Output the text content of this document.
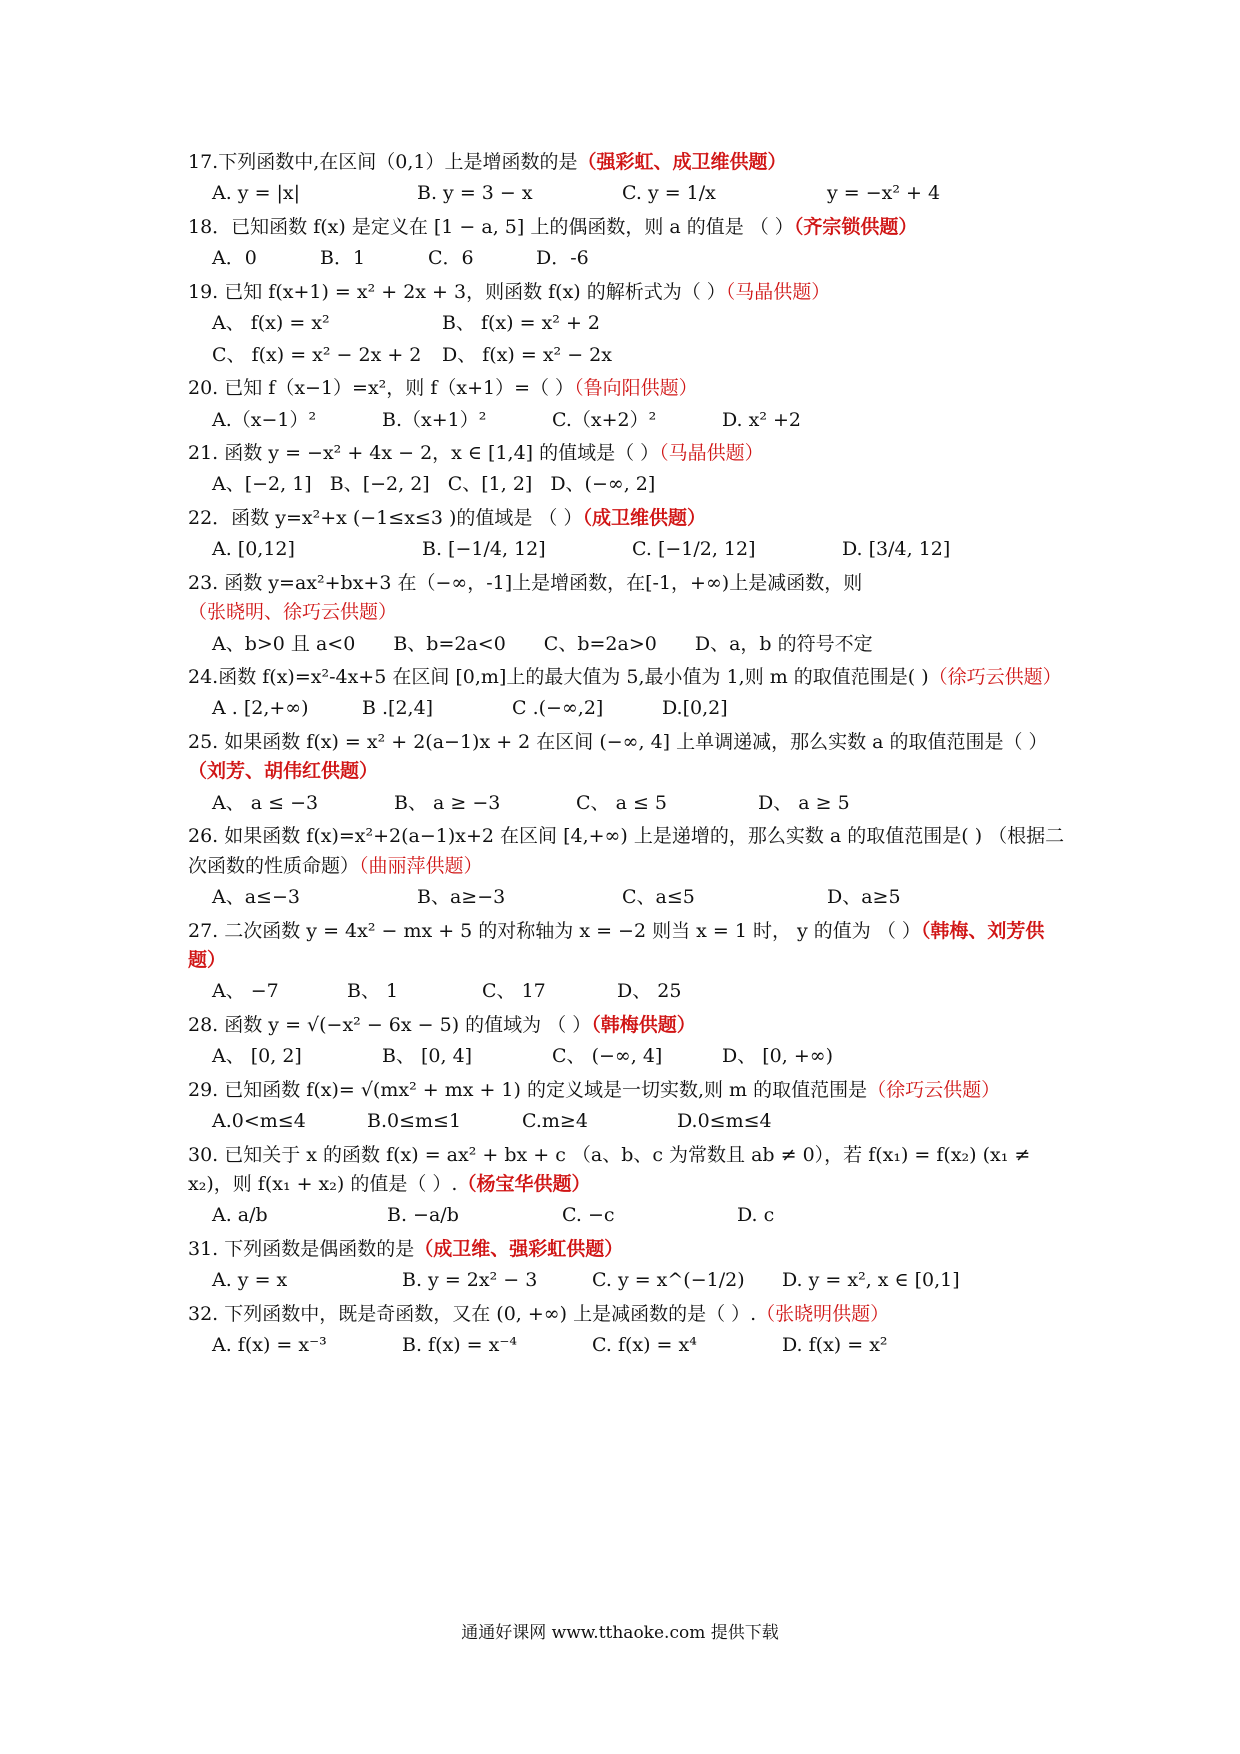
17.下列函数中,在区间（0,1）上是增函数的是（强彩虹、成卫维供题）
A. y = |x|	B. y = 3 − x	C. y = 1/x	y = −x² + 4
18．已知函数 f(x) 是定义在 [1 − a, 5] 上的偶函数，则 a 的值是 （ ）（齐宗锁供题）
A．0	B．1	C．6	D．-6
19. 已知 f(x+1) = x² + 2x + 3，则函数 f(x) 的解析式为（ ）（马晶供题）
A、 f(x) = x²	B、 f(x) = x² + 2
C、 f(x) = x² − 2x + 2	D、 f(x) = x² − 2x
20. 已知 f（x−1）=x²，则 f（x+1）=（ ）（鲁向阳供题）
A.（x−1）²	B.（x+1）²	C.（x+2）²	D. x² +2
21. 函数 y = −x² + 4x − 2，x ∈ [1,4] 的值域是（ ）（马晶供题）
A、[−2, 1] B、[−2, 2] C、[1, 2] D、(−∞, 2]
22．函数 y=x²+x (−1≤x≤3 )的值域是 （ ）（成卫维供题）
A. [0,12]	B. [−1/4, 12]	C. [−1/2, 12]	D. [3/4, 12]
23. 函数 y=ax²+bx+3 在（−∞，-1]上是增函数，在[-1，+∞)上是减函数，则（张晓明、徐巧云供题）
A、b>0 且 a<0 B、b=2a<0 C、b=2a>0 D、a，b 的符号不定
24.函数 f(x)=x²-4x+5 在区间 [0,m]上的最大值为 5,最小值为 1,则 m 的取值范围是( )（徐巧云供题）
A . [2,+∞)	B .[2,4]	C .(−∞,2]	D.[0,2]
25. 如果函数 f(x) = x² + 2(a−1)x + 2 在区间 (−∞, 4] 上单调递减，那么实数 a 的取值范围是（ ）（刘芳、胡伟红供题）
A、 a ≤ −3	B、 a ≥ −3	C、 a ≤ 5	D、 a ≥ 5
26. 如果函数 f(x)=x²+2(a−1)x+2 在区间 [4,+∞) 上是递增的，那么实数 a 的取值范围是( ) （根据二次函数的性质命题）（曲丽萍供题）
A、a≤−3	B、a≥−3	C、a≤5	D、a≥5
27. 二次函数 y = 4x² − mx + 5 的对称轴为 x = −2 则当 x = 1 时， y 的值为 （ ）（韩梅、刘芳供题）
A、 −7	B、 1	C、 17	D、 25
28. 函数 y = √(−x² − 6x − 5) 的值域为 （ ）（韩梅供题）
A、 [0, 2]	B、 [0, 4]	C、 (−∞, 4]	D、 [0, +∞)
29. 已知函数 f(x)= √(mx² + mx + 1) 的定义域是一切实数,则 m 的取值范围是（徐巧云供题）
A.0<m≤4	B.0≤m≤1	C.m≥4	D.0≤m≤4
30. 已知关于 x 的函数 f(x) = ax² + bx + c （a、b、c 为常数且 ab ≠ 0），若 f(x₁) = f(x₂) (x₁ ≠ x₂)，则 f(x₁ + x₂) 的值是（ ）.（杨宝华供题）
A. a/b	B. −a/b	C. −c	D. c
31. 下列函数是偶函数的是（成卫维、强彩虹供题）
A. y = x	B. y = 2x² − 3	C. y = x^(−1/2)	D. y = x², x ∈ [0,1]
32. 下列函数中，既是奇函数，又在 (0, +∞) 上是减函数的是（ ）.（张晓明供题）
A. f(x) = x⁻³	B. f(x) = x⁻⁴	C. f(x) = x⁴	D. f(x) = x²
通通好课网 www.tthaoke.com 提供下载
